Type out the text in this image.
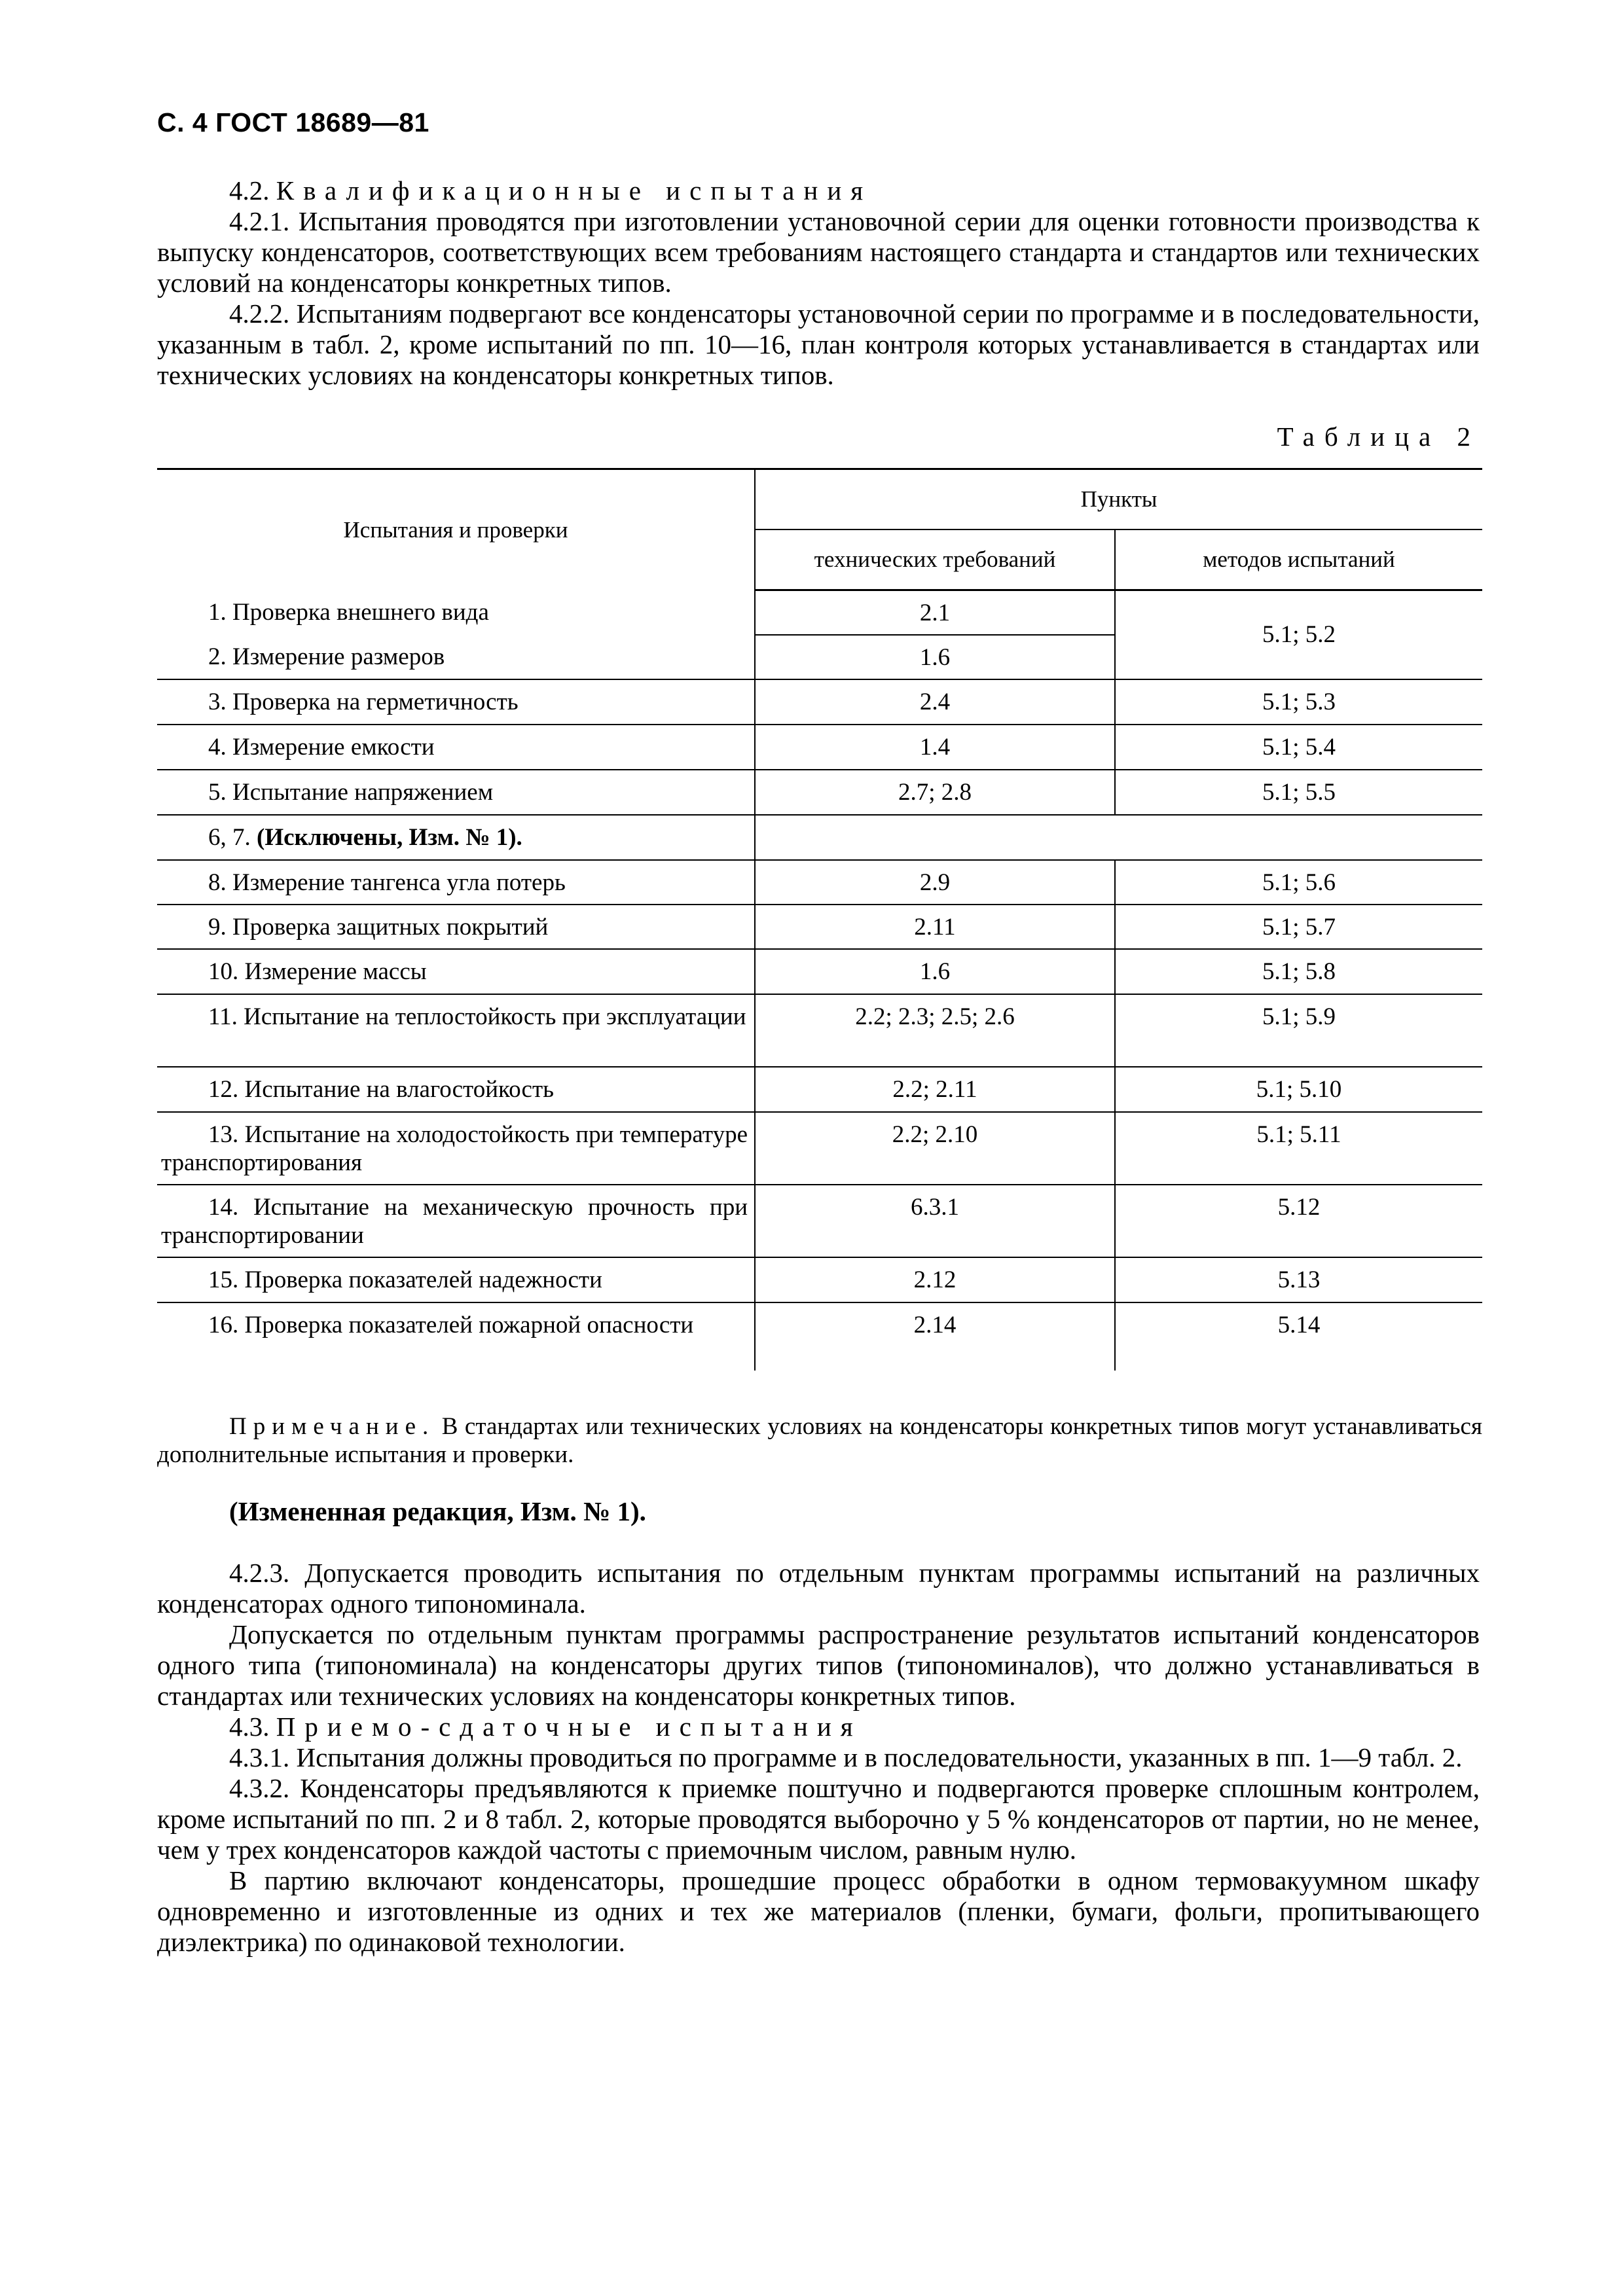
С. 4 ГОСТ 18689—81

4.2. Квалификационные испытания

4.2.1. Испытания проводятся при изготовлении установочной серии для оценки готовности производства к выпуску конденсаторов, соответствующих всем требованиям настоящего стандарта и стандартов или технических условий на конденсаторы конкретных типов.

4.2.2. Испытаниям подвергают все конденсаторы установочной серии по программе и в последовательности, указанным в табл. 2, кроме испытаний по пп. 10—16, план контроля которых устанавливается в стандартах или технических условиях на конденсаторы конкретных типов.

Таблица 2
Испытания и проверки	Пункты	
	технических требований	методов испытаний
1. Проверка внешнего вида	2.1	5.1; 5.2
2. Измерение размеров	1.6	
3. Проверка на герметичность	2.4	5.1; 5.3
4. Измерение емкости	1.4	5.1; 5.4
5. Испытание напряжением	2.7; 2.8	5.1; 5.5
6, 7. (Исключены, Изм. № 1).		
8. Измерение тангенса угла потерь	2.9	5.1; 5.6
9. Проверка защитных покрытий	2.11	5.1; 5.7
10. Измерение массы	1.6	5.1; 5.8
11. Испытание на теплостойкость при эксплуатации	2.2; 2.3; 2.5; 2.6	5.1; 5.9
12. Испытание на влагостойкость	2.2; 2.11	5.1; 5.10
13. Испытание на холодостойкость при температуре транспортирования	2.2; 2.10	5.1; 5.11
14. Испытание на механическую прочность при транспортировании	6.3.1	5.12
15. Проверка показателей надежности	2.12	5.13
16. Проверка показателей пожарной опасности	2.14	5.14

Примечание. В стандартах или технических условиях на конденсаторы конкретных типов могут устанавливаться дополнительные испытания и проверки.

(Измененная редакция, Изм. № 1).

4.2.3. Допускается проводить испытания по отдельным пунктам программы испытаний на различных конденсаторах одного типономинала.

Допускается по отдельным пунктам программы распространение результатов испытаний конденсаторов одного типа (типономинала) на конденсаторы других типов (типономиналов), что должно устанавливаться в стандартах или технических условиях на конденсаторы конкретных типов.

4.3. Приемо-сдаточные испытания

4.3.1. Испытания должны проводиться по программе и в последовательности, указанных в пп. 1—9 табл. 2.

4.3.2. Конденсаторы предъявляются к приемке поштучно и подвергаются проверке сплошным контролем, кроме испытаний по пп. 2 и 8 табл. 2, которые проводятся выборочно у 5 % конденсаторов от партии, но не менее, чем у трех конденсаторов каждой частоты с приемочным числом, равным нулю.

В партию включают конденсаторы, прошедшие процесс обработки в одном термовакуумном шкафу одновременно и изготовленные из одних и тех же материалов (пленки, бумаги, фольги, пропитывающего диэлектрика) по одинаковой технологии.
